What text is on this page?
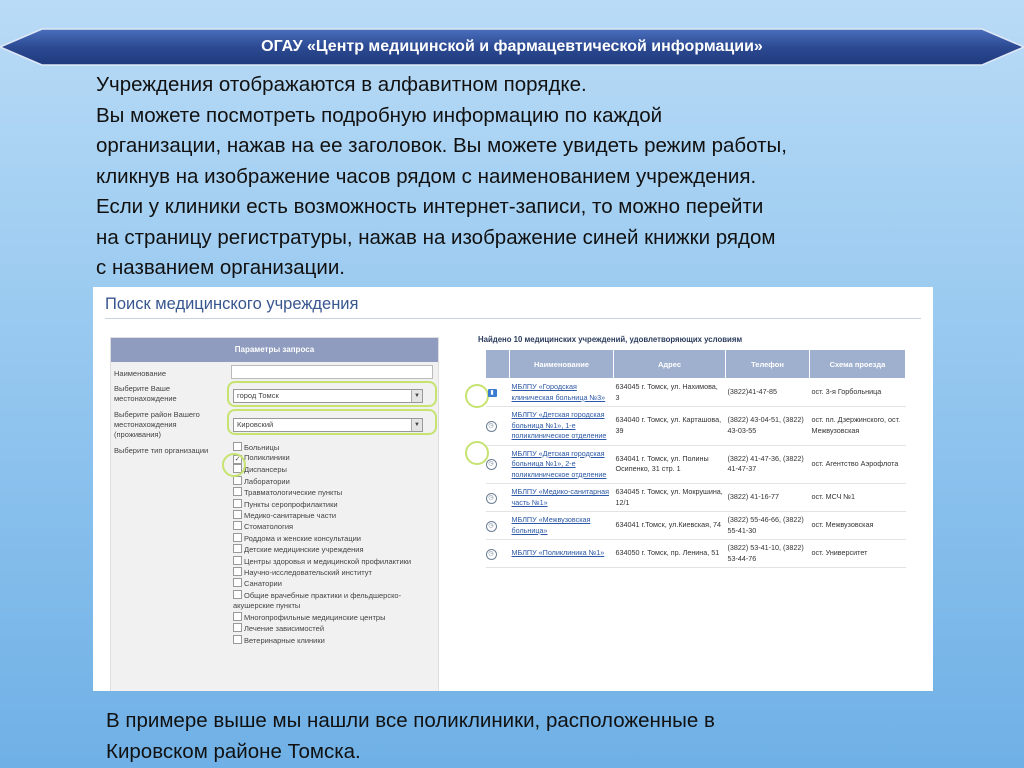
ОГАУ «Центр медицинской и фармацевтической информации»
Учреждения отображаются в алфавитном порядке.
Вы можете посмотреть подробную информацию по каждой
организации, нажав на ее заголовок. Вы можете увидеть режим работы,
кликнув на изображение часов рядом с наименованием учреждения.
Если у клиники есть возможность интернет-записи, то можно перейти
на страницу регистратуры, нажав на изображение синей книжки рядом
с названием организации.
Поиск медицинского учреждения
Параметры запроса
Наименование
Выберите Ваше местонахождение	город Томск	▼
Выберите район Вашего местонахождения (проживания)
Кировский	▼
Выберите тип организации	Больницы
✓ Поликлиники
Диспансеры
Лаборатории
Травматологические пункты
Пункты серопрофилактики
Медико-санитарные части
Стоматология
Роддома и женские консультации
Детские медицинские учреждения
Центры здоровья и медицинской профилактики
Научно-исследовательский институт
Санатории
Общие врачебные практики и фельдшерско-акушерские пункты
Многопрофильные медицинские центры
Лечение зависимостей
Ветеринарные клиники
Найдено 10 медицинских учреждений, удовлетворяющих условиям
	Наименование	Адрес	Телефон	Схема проезда
▮	МБЛПУ «Городская клиническая больница №3»	634045 г. Томск, ул. Нахимова, 3	(3822)41-47-85	ост. 3-я Горбольница
◷	МБЛПУ «Детская городская больница №1», 1-е поликлиническое отделение	634040 г. Томск, ул. Карташова, 39	(3822) 43-04-51, (3822) 43-03-55	ост. пл. Дзержинского, ост. Межвузовская
◷	МБЛПУ «Детская городская больница №1», 2-е поликлиническое отделение	634041 г. Томск, ул. Полины Осипенко, 31 стр. 1	(3822) 41-47-36, (3822) 41-47-37	ост. Агентство Аэрофлота
◷	МБЛПУ «Медико-санитарная часть №1»	634045 г. Томск, ул. Мокрушина, 12/1	(3822) 41-16-77	ост. МСЧ №1
◷	МБЛПУ «Межвузовская больница»	634041 г.Томск, ул.Киевская, 74	(3822) 55-46-66, (3822) 55-41-30	ост. Межвузовская
◷	МБЛПУ «Поликлиника №1»	634050 г. Томск, пр. Ленина, 51	(3822) 53-41-10, (3822) 53-44-76	ост. Университет
В примере выше мы нашли все поликлиники, расположенные в
Кировском районе Томска.
